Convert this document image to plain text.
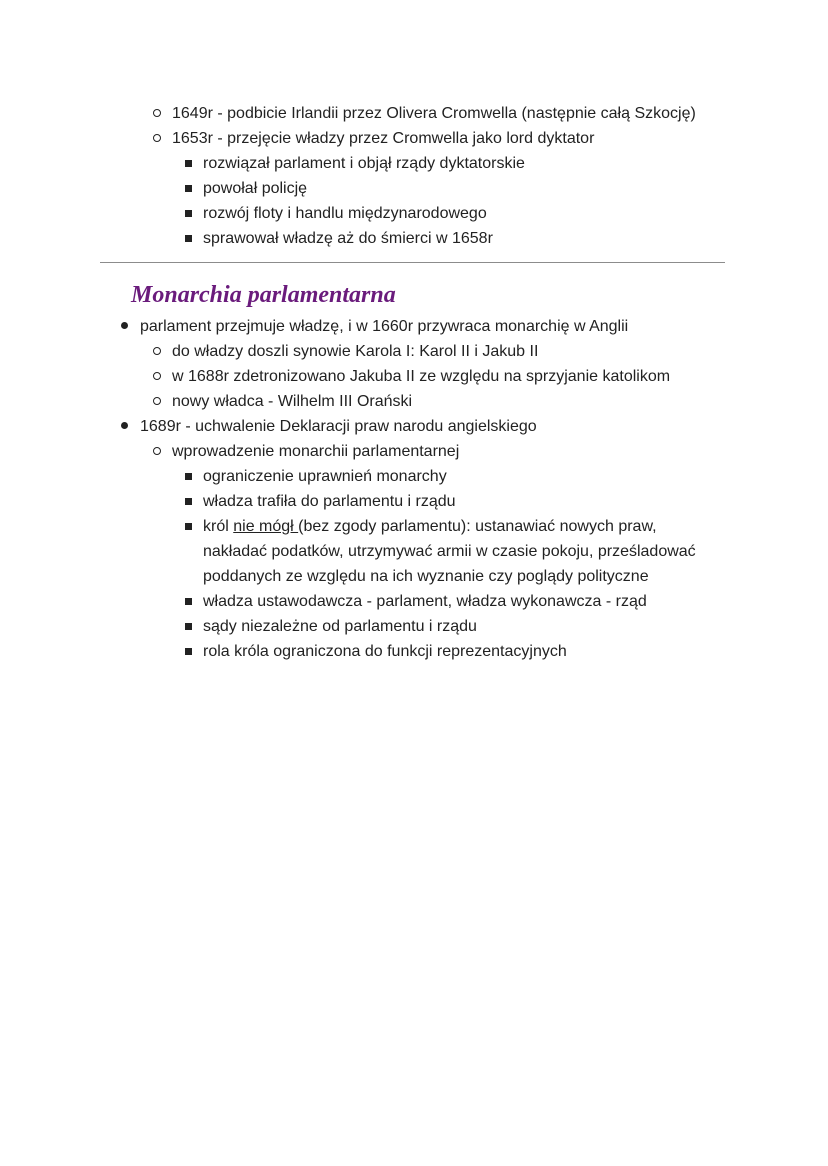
1649r - podbicie Irlandii przez Olivera Cromwella (następnie całą Szkocję)
1653r - przejęcie władzy przez Cromwella jako lord dyktator
rozwiązał parlament i objął rządy dyktatorskie
powołał policję
rozwój floty i handlu międzynarodowego
sprawował władzę aż do śmierci w 1658r
Monarchia parlamentarna
parlament przejmuje władzę, i w 1660r przywraca monarchię w Anglii
do władzy doszli synowie Karola I: Karol II i Jakub II
w 1688r zdetronizowano Jakuba II ze względu na sprzyjanie katolikom
nowy władca - Wilhelm III Orański
1689r - uchwalenie Deklaracji praw narodu angielskiego
wprowadzenie monarchii parlamentarnej
ograniczenie uprawnień monarchy
władza trafiła do parlamentu i rządu
król nie mógł (bez zgody parlamentu): ustanawiać nowych praw,
nakładać podatków, utrzymywać armii w czasie pokoju, prześladować
poddanych ze względu na ich wyznanie czy poglądy polityczne
władza ustawodawcza - parlament, władza wykonawcza - rząd
sądy niezależne od parlamentu i rządu
rola króla ograniczona do funkcji reprezentacyjnych
